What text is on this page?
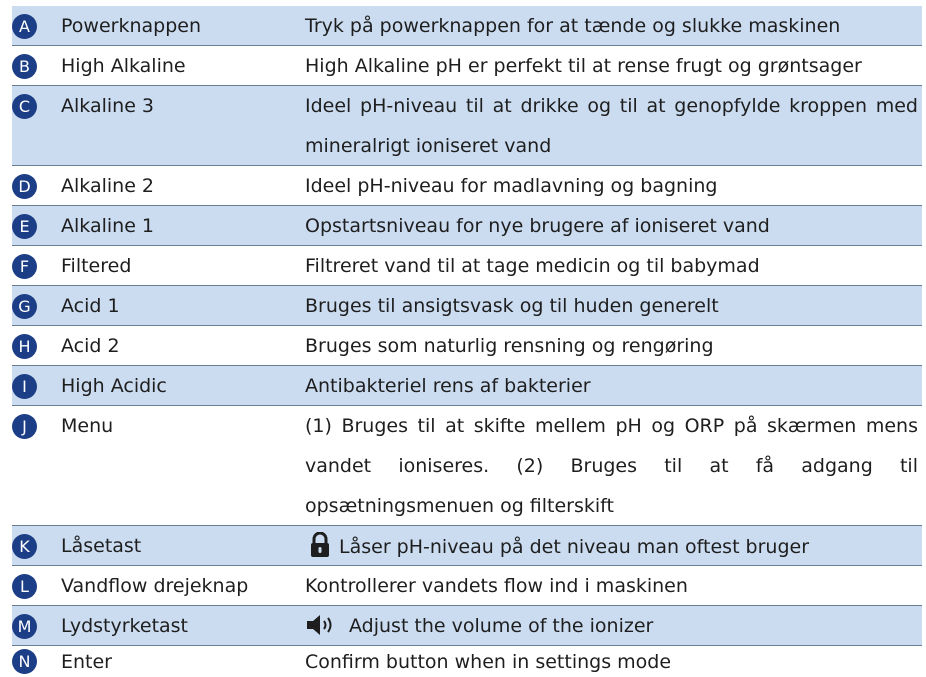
A	Powerknappen	Tryk på powerknappen for at tænde og slukke maskinen
B	High Alkaline	High Alkaline pH er perfekt til at rense frugt og grøntsager
C	Alkaline 3	Ideel pH-niveau til at drikke og til at genopfylde kroppen med mineralrigt ioniseret vand
D	Alkaline 2	Ideel pH-niveau for madlavning og bagning
E	Alkaline 1	Opstartsniveau for nye brugere af ioniseret vand
F	Filtered	Filtreret vand til at tage medicin og til babymad
G	Acid 1	Bruges til ansigtsvask og til huden generelt
H	Acid 2	Bruges som naturlig rensning og rengøring
I	High Acidic	Antibakteriel rens af bakterier
J	Menu	(1) Bruges til at skifte mellem pH og ORP på skærmen mens vandet ioniseres. (2) Bruges til at få adgang til opsætningsmenuen og filterskift
K	Låsetast	Låser pH-niveau på det niveau man oftest bruger
L	Vandflow drejeknap	Kontrollerer vandets flow ind i maskinen
M Lydstyrketast	Adjust the volume of the ionizer
N	Enter	Confirm button when in settings mode
